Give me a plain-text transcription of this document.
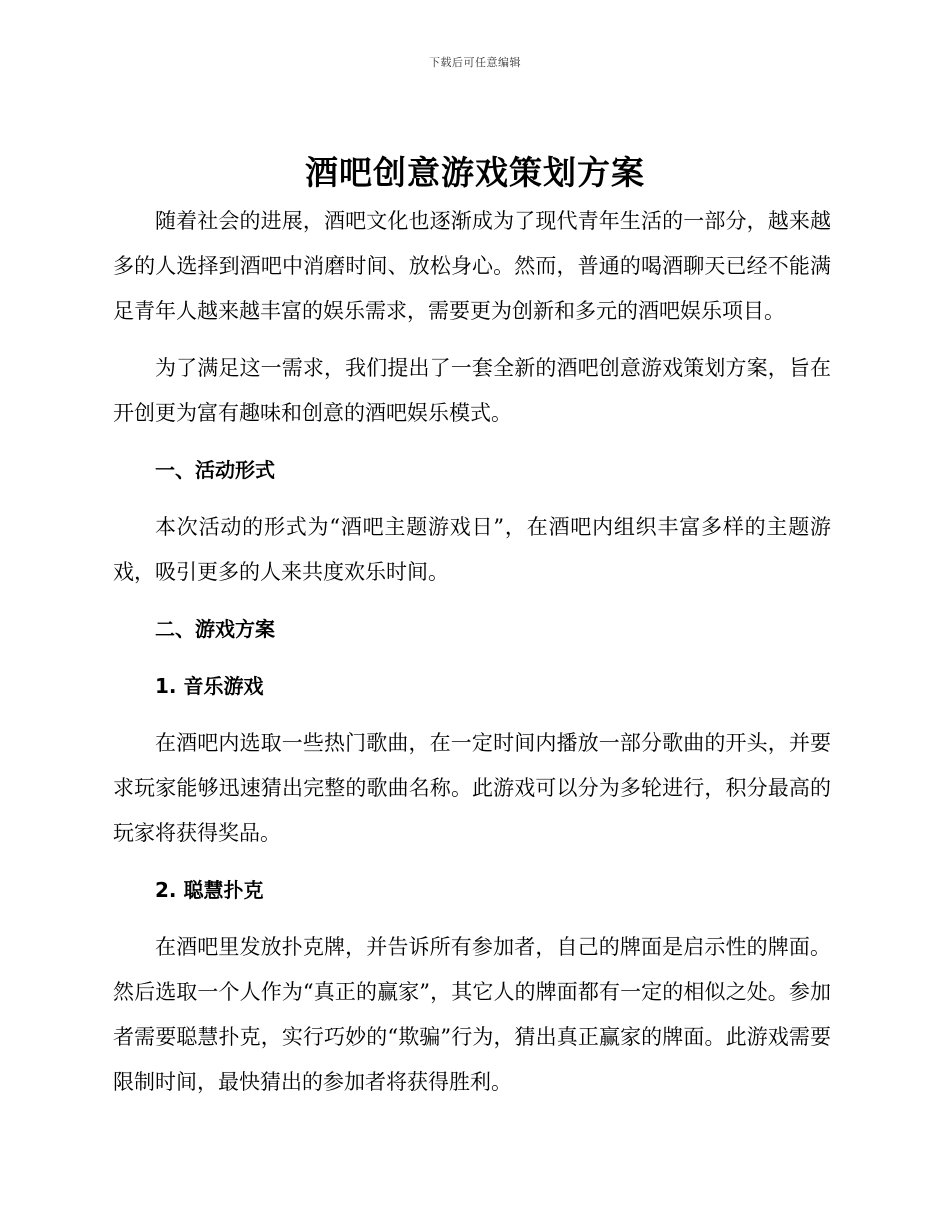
下载后可任意编辑
酒吧创意游戏策划方案

随着社会的进展，酒吧文化也逐渐成为了现代青年生活的一部分，越来越多的人选择到酒吧中消磨时间、放松身心。然而，普通的喝酒聊天已经不能满足青年人越来越丰富的娱乐需求，需要更为创新和多元的酒吧娱乐项目。

为了满足这一需求，我们提出了一套全新的酒吧创意游戏策划方案，旨在开创更为富有趣味和创意的酒吧娱乐模式。

一、活动形式

本次活动的形式为“酒吧主题游戏日”，在酒吧内组织丰富多样的主题游戏，吸引更多的人来共度欢乐时间。

二、游戏方案
1. 音乐游戏

在酒吧内选取一些热门歌曲，在一定时间内播放一部分歌曲的开头，并要求玩家能够迅速猜出完整的歌曲名称。此游戏可以分为多轮进行，积分最高的玩家将获得奖品。

2. 聪慧扑克

在酒吧里发放扑克牌，并告诉所有参加者，自己的牌面是启示性的牌面。然后选取一个人作为“真正的赢家”，其它人的牌面都有一定的相似之处。参加者需要聪慧扑克，实行巧妙的“欺骗”行为，猜出真正赢家的牌面。此游戏需要限制时间，最快猜出的参加者将获得胜利。
